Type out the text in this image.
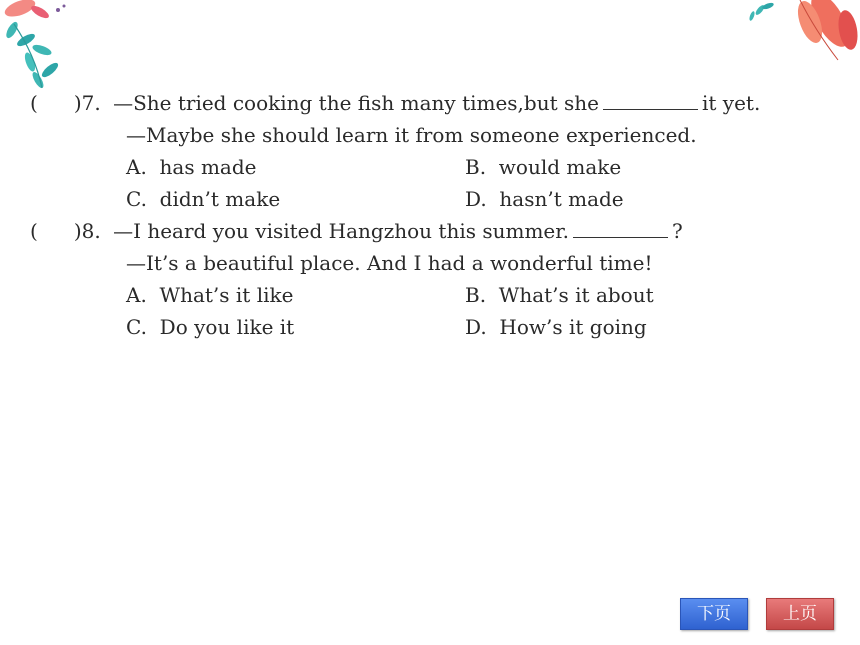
( )7. —She tried cooking the fish many times,but she	it yet.
—Maybe she should learn it from someone experienced.
A. has made	B. would make
C. didn’t make	D. hasn’t made
( )8. —I heard you visited Hangzhou this summer.	?
—It’s a beautiful place. And I had a wonderful time!
A. What’s it like	B. What’s it about
C. Do you like it	D. How’s it going
下页	上页
